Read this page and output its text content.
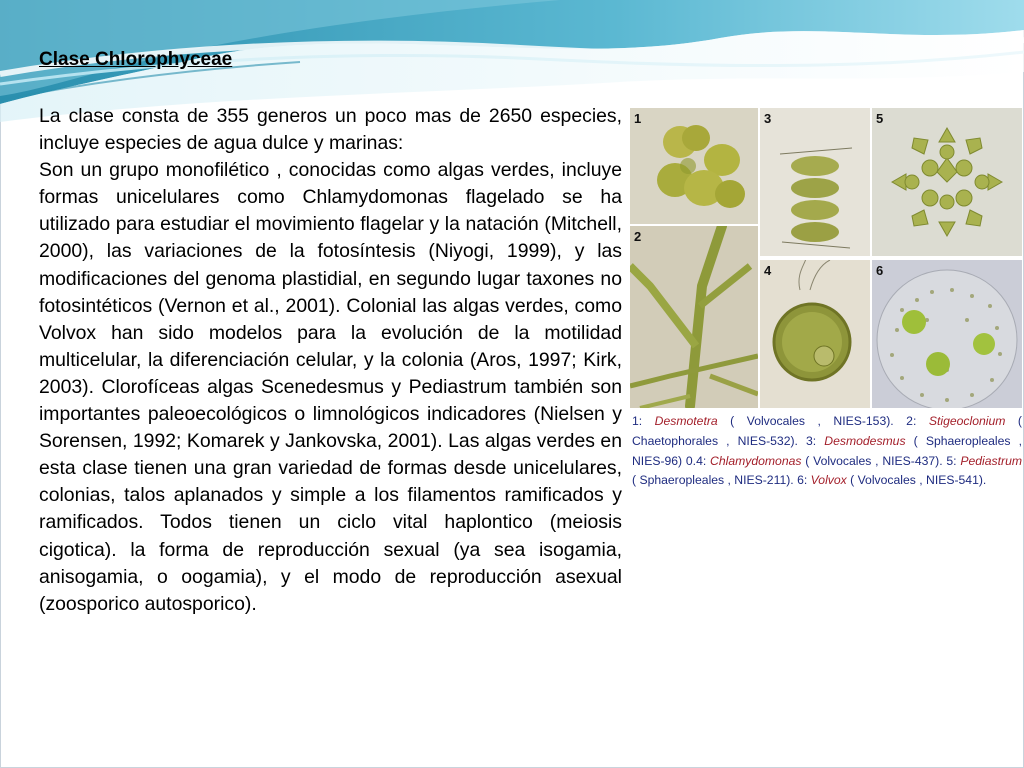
Clase Chlorophyceae

La clase consta de 355 generos un poco mas de 2650 especies, incluye especies de agua dulce y marinas:

Son un grupo monofilético , conocidas como algas verdes, incluye formas unicelulares como Chlamydomonas flagelado se ha utilizado para estudiar el movimiento flagelar y la natación (Mitchell, 2000), las variaciones de la fotosíntesis (Niyogi, 1999), y las modificaciones del genoma plastidial, en segundo lugar taxones no fotosintéticos (Vernon et al., 2001). Colonial las algas verdes, como Volvox han sido modelos para la evolución de la motilidad multicelular, la diferenciación celular, y la colonia (Aros, 1997; Kirk, 2003). Clorofíceas algas Scenedesmus y Pediastrum también son importantes paleoecológicos o limnológicos indicadores (Nielsen y Sorensen, 1992; Komarek y Jankovska, 2001). Las algas verdes en esta clase tienen una gran variedad de formas desde unicelulares, colonias, talos aplanados y simple a los filamentos ramificados y ramificados. Todos tienen un ciclo vital haplontico (meiosis cigotica). la forma de reproducción sexual (ya sea isogamia, anisogamia, o oogamia), y el modo de reproducción asexual (zoosporico autosporico).

1
2
3
4
5
6
1: Desmotetra ( Volvocales , NIES-153). 2: Stigeoclonium ( Chaetophorales , NIES-532). 3: Desmodesmus ( Sphaeropleales , NIES-96) 0.4: Chlamydomonas ( Volvocales , NIES-437). 5: Pediastrum ( Sphaeropleales , NIES-211). 6: Volvox ( Volvocales , NIES-541).
